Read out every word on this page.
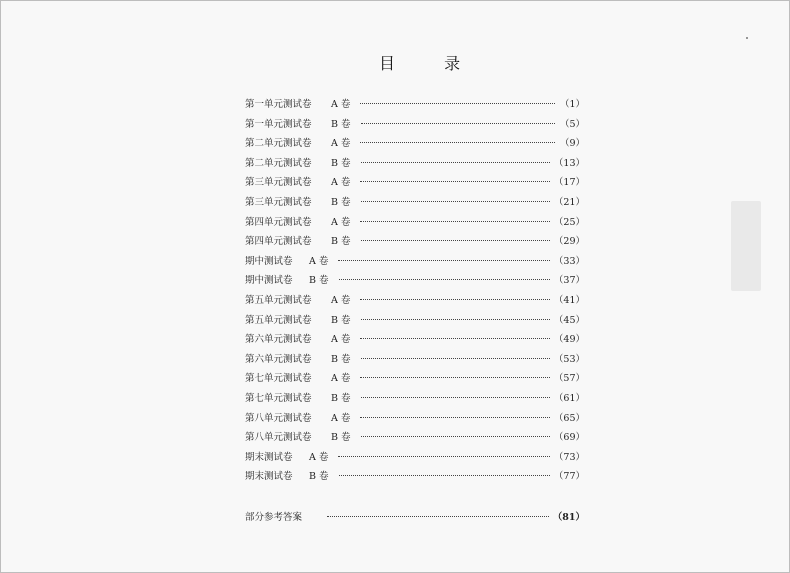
目 录
第一单元测试卷	A 卷	（1）
第一单元测试卷	B 卷	（5）
第二单元测试卷	A 卷	（9）
第二单元测试卷	B 卷	（13）
第三单元测试卷	A 卷	（17）
第三单元测试卷	B 卷	（21）
第四单元测试卷	A 卷	（25）
第四单元测试卷	B 卷	（29）
期中测试卷 A 卷	（33）
期中测试卷 B 卷	（37）
第五单元测试卷	A 卷	（41）
第五单元测试卷	B 卷	（45）
第六单元测试卷	A 卷	（49）
第六单元测试卷	B 卷	（53）
第七单元测试卷	A 卷	（57）
第七单元测试卷	B 卷	（61）
第八单元测试卷	A 卷	（65）
第八单元测试卷	B 卷	（69）
期末测试卷 A 卷	（73）
期末测试卷 B 卷	（77）
部分参考答案	（81）
